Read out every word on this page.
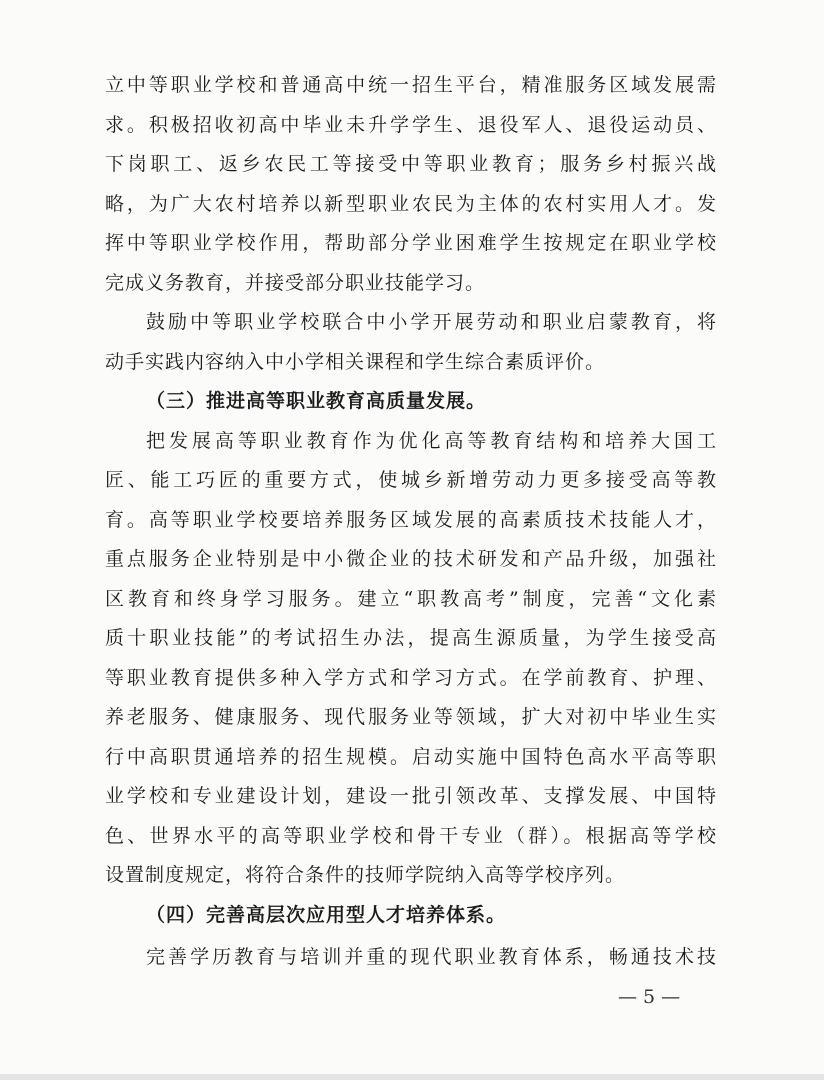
立中等职业学校和普通高中统一招生平台，精准服务区域发展需
求。积极招收初高中毕业未升学学生、退役军人、退役运动员、
下岗职工、返乡农民工等接受中等职业教育；服务乡村振兴战
略，为广大农村培养以新型职业农民为主体的农村实用人才。发
挥中等职业学校作用，帮助部分学业困难学生按规定在职业学校
完成义务教育，并接受部分职业技能学习。
鼓励中等职业学校联合中小学开展劳动和职业启蒙教育，将
动手实践内容纳入中小学相关课程和学生综合素质评价。
（三）推进高等职业教育高质量发展。
把发展高等职业教育作为优化高等教育结构和培养大国工
匠、能工巧匠的重要方式，使城乡新增劳动力更多接受高等教
育。高等职业学校要培养服务区域发展的高素质技术技能人才，
重点服务企业特别是中小微企业的技术研发和产品升级，加强社
区教育和终身学习服务。建立“职教高考”制度，完善“文化素
质十职业技能”的考试招生办法，提高生源质量，为学生接受高
等职业教育提供多种入学方式和学习方式。在学前教育、护理、
养老服务、健康服务、现代服务业等领域，扩大对初中毕业生实
行中高职贯通培养的招生规模。启动实施中国特色高水平高等职
业学校和专业建设计划，建设一批引领改革、支撑发展、中国特
色、世界水平的高等职业学校和骨干专业（群）。根据高等学校
设置制度规定，将符合条件的技师学院纳入高等学校序列。
（四）完善高层次应用型人才培养体系。
完善学历教育与培训并重的现代职业教育体系，畅通技术技
— 5 —
